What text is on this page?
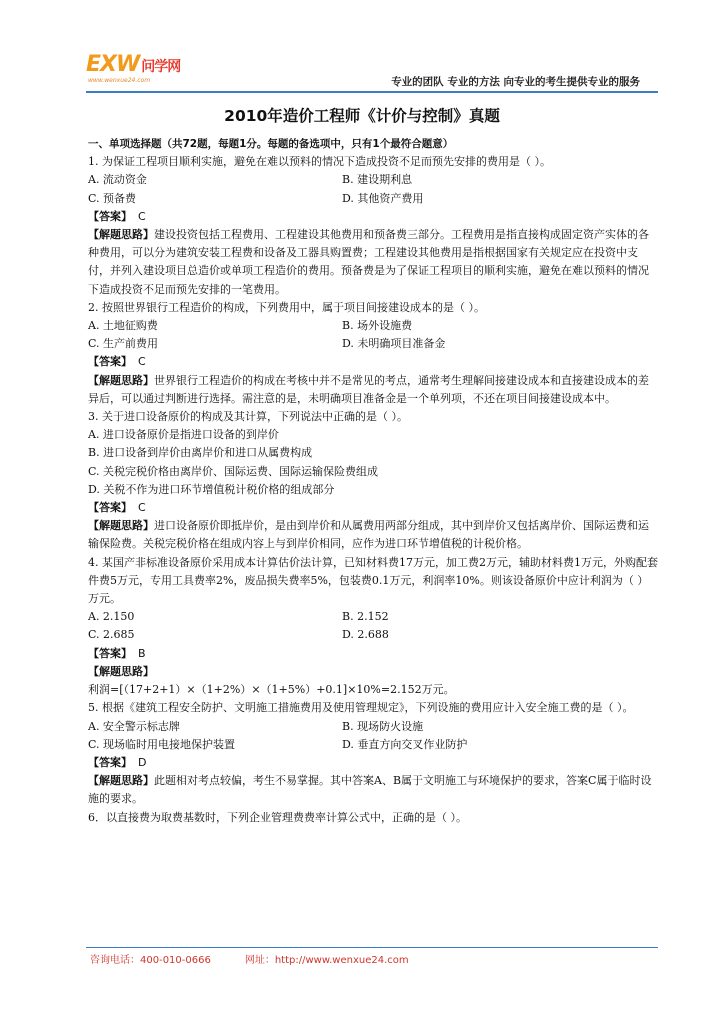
EXW 问学网
www.wenxue24.com	专业的团队 专业的方法 向专业的考生提供专业的服务
2010年造价工程师《计价与控制》真题

一、单项选择题（共72题，每题1分。每题的备选项中，只有1个最符合题意）

1. 为保证工程项目顺利实施，避免在难以预料的情况下造成投资不足而预先安排的费用是（ ）。

A. 流动资金	B. 建设期利息
C. 预备费	D. 其他资产费用

【答案】 C

【解题思路】建设投资包括工程费用、工程建设其他费用和预备费三部分。工程费用是指直接构成固定资产实体的各种费用，可以分为建筑安装工程费和设备及工器具购置费；工程建设其他费用是指根据国家有关规定应在投资中支付，并列入建设项目总造价或单项工程造价的费用。预备费是为了保证工程项目的顺利实施，避免在难以预料的情况下造成投资不足而预先安排的一笔费用。

2. 按照世界银行工程造价的构成，下列费用中，属于项目间接建设成本的是（ ）。

A. 土地征购费	B. 场外设施费
C. 生产前费用	D. 未明确项目准备金

【答案】 C

【解题思路】世界银行工程造价的构成在考核中并不是常见的考点，通常考生理解间接建设成本和直接建设成本的差异后，可以通过判断进行选择。需注意的是，未明确项目准备金是一个单列项，不还在项目间接建设成本中。

3. 关于进口设备原价的构成及其计算，下列说法中正确的是（ ）。

A. 进口设备原价是指进口设备的到岸价

B. 进口设备到岸价由离岸价和进口从属费构成

C. 关税完税价格由离岸价、国际运费、国际运输保险费组成

D. 关税不作为进口环节增值税计税价格的组成部分

【答案】 C

【解题思路】进口设备原价即抵岸价，是由到岸价和从属费用两部分组成，其中到岸价又包括离岸价、国际运费和运输保险费。关税完税价格在组成内容上与到岸价相同，应作为进口环节增值税的计税价格。

4. 某国产非标准设备原价采用成本计算估价法计算，已知材料费17万元，加工费2万元，辅助材料费1万元，外购配套件费5万元，专用工具费率2%，废品损失费率5%，包装费0.1万元，利润率10%。则该设备原价中应计利润为（ ）万元。

A. 2.150	B. 2.152
C. 2.685	D. 2.688

【答案】 B

【解题思路】

利润=[（17+2+1）×（1+2%）×（1+5%）+0.1]×10%=2.152万元。

5. 根据《建筑工程安全防护、文明施工措施费用及使用管理规定》，下列设施的费用应计入安全施工费的是（ ）。

A. 安全警示标志牌	B. 现场防火设施
C. 现场临时用电接地保护装置	D. 垂直方向交叉作业防护

【答案】 D

【解题思路】此题相对考点较偏，考生不易掌握。其中答案A、B属于文明施工与环境保护的要求，答案C属于临时设施的要求。

6．以直接费为取费基数时，下列企业管理费费率计算公式中，正确的是（ ）。

咨询电话：400-010-0666	网址：http://www.wenxue24.com
